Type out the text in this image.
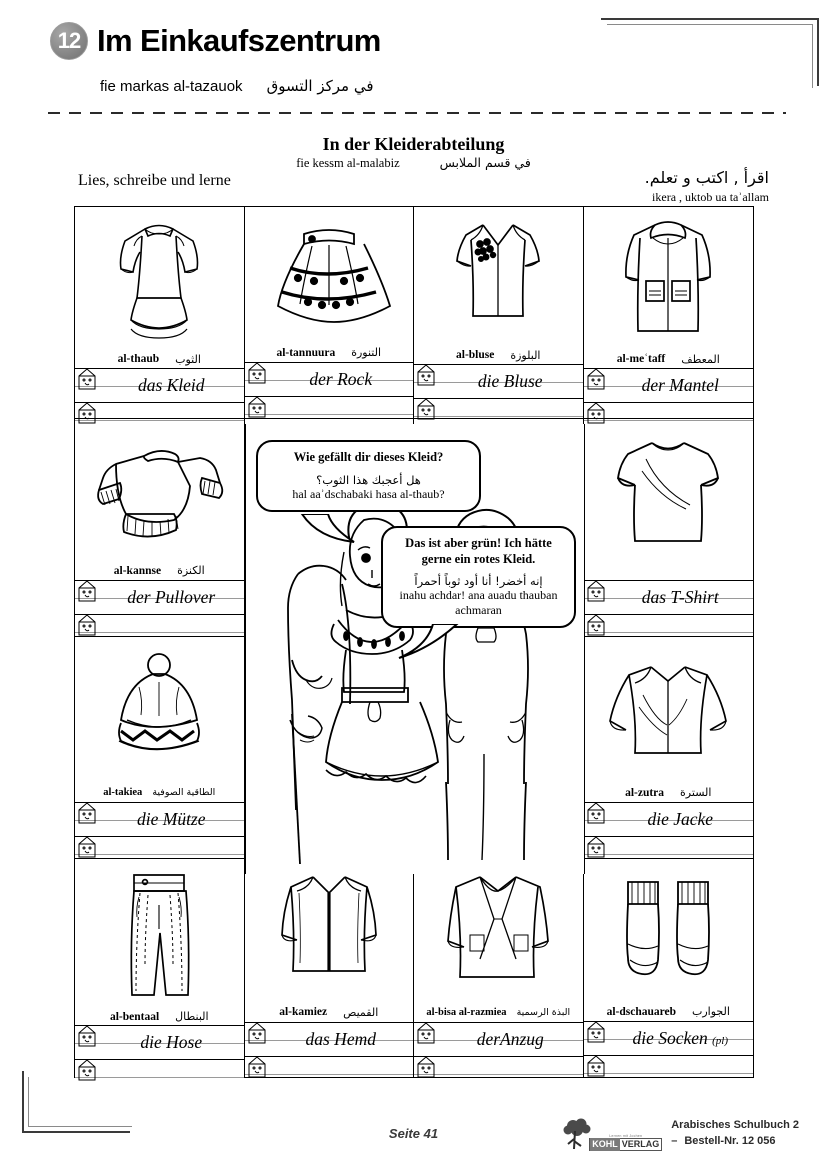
12 Im Einkaufszentrum
fie markas al-tazauok في مركز التسوق
In der Kleiderabteilung
fie kessm al-malabiz	في قسم الملابس
Lies, schreibe und lerne	اقرأ , اكتب و تعلم.
ikera , uktob ua taʾallam
al-thaub الثوب
das Kleid
al-tannuura التنورة
der Rock
al-bluse البلوزة
die Bluse
al-meʿtaff المعطف
der Mantel
al-kannse الكنزة
der Pullover	das T-Shirt
al-takiea الطاقية الصوفية
die Mütze
al-zutra السترة
die Jacke
al-bentaal البنطال
die Hose
al-kamiez القميص
das Hemd
al-bisa al-razmiea البذة الرسمية
derAnzug
al-dschauareb الجوارب
die Socken (pl)
Wie gefällt dir dieses Kleid?
هل أعجبك هذا الثوب؟
hal aaʾdschabaki hasa al-thaub?
Das ist aber grün! Ich hätte gerne ein rotes Kleid.
إنه أخضر! أنا أود ثوباً أحمراً
inahu achdar! ana auadu thauban achmaran
Seite 41	Lernen mit Jochen
KOHL VERLAG
Arabisches Schulbuch 2
– Bestell-Nr. 12 056
